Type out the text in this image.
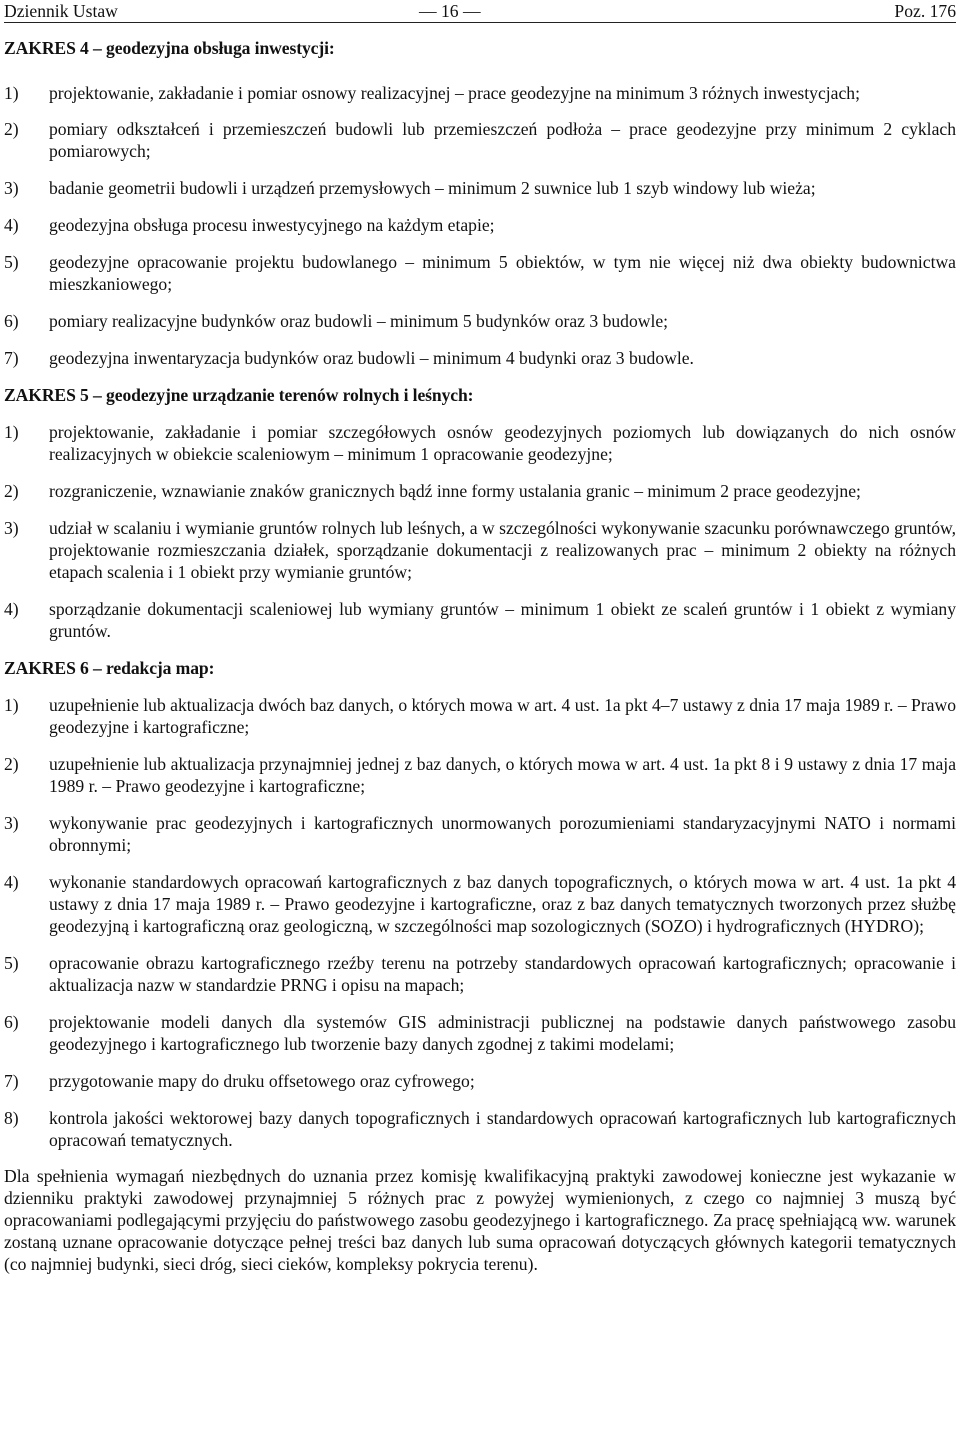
Dziennik Ustaw	— 16 —	Poz. 176

ZAKRES 4 – geodezyjna obsługa inwestycji:

1) projektowanie, zakładanie i pomiar osnowy realizacyjnej – prace geodezyjne na minimum 3 różnych inwestycjach;
2) pomiary odkształceń i przemieszczeń budowli lub przemieszczeń podłoża – prace geodezyjne przy minimum 2 cyklach pomiarowych;
3) badanie geometrii budowli i urządzeń przemysłowych – minimum 2 suwnice lub 1 szyb windowy lub wieża;
4) geodezyjna obsługa procesu inwestycyjnego na każdym etapie;
5) geodezyjne opracowanie projektu budowlanego – minimum 5 obiektów, w tym nie więcej niż dwa obiekty budownictwa mieszkaniowego;
6) pomiary realizacyjne budynków oraz budowli – minimum 5 budynków oraz 3 budowle;
7) geodezyjna inwentaryzacja budynków oraz budowli – minimum 4 budynki oraz 3 budowle.

ZAKRES 5 – geodezyjne urządzanie terenów rolnych i leśnych:

1) projektowanie, zakładanie i pomiar szczegółowych osnów geodezyjnych poziomych lub dowiązanych do nich osnów realizacyjnych w obiekcie scaleniowym – minimum 1 opracowanie geodezyjne;
2) rozgraniczenie, wznawianie znaków granicznych bądź inne formy ustalania granic – minimum 2 prace geodezyjne;
3) udział w scalaniu i wymianie gruntów rolnych lub leśnych, a w szczególności wykonywanie szacunku porównawczego gruntów, projektowanie rozmieszczania działek, sporządzanie dokumentacji z realizowanych prac – minimum 2 obiekty na różnych etapach scalenia i 1 obiekt przy wymianie gruntów;
4) sporządzanie dokumentacji scaleniowej lub wymiany gruntów – minimum 1 obiekt ze scaleń gruntów i 1 obiekt z wymiany gruntów.

ZAKRES 6 – redakcja map:

1) uzupełnienie lub aktualizacja dwóch baz danych, o których mowa w art. 4 ust. 1a pkt 4–7 ustawy z dnia 17 maja 1989 r. – Prawo geodezyjne i kartograficzne;
2) uzupełnienie lub aktualizacja przynajmniej jednej z baz danych, o których mowa w art. 4 ust. 1a pkt 8 i 9 ustawy z dnia 17 maja 1989 r. – Prawo geodezyjne i kartograficzne;
3) wykonywanie prac geodezyjnych i kartograficznych unormowanych porozumieniami standaryzacyjnymi NATO i normami obronnymi;
4) wykonanie standardowych opracowań kartograficznych z baz danych topograficznych, o których mowa w art. 4 ust. 1a pkt 4 ustawy z dnia 17 maja 1989 r. – Prawo geodezyjne i kartograficzne, oraz z baz danych tematycznych tworzonych przez służbę geodezyjną i kartograficzną oraz geologiczną, w szczególności map sozologicznych (SOZO) i hydrograficznych (HYDRO);
5) opracowanie obrazu kartograficznego rzeźby terenu na potrzeby standardowych opracowań kartograficznych; opracowanie i aktualizacja nazw w standardzie PRNG i opisu na mapach;
6) projektowanie modeli danych dla systemów GIS administracji publicznej na podstawie danych państwowego zasobu geodezyjnego i kartograficznego lub tworzenie bazy danych zgodnej z takimi modelami;
7) przygotowanie mapy do druku offsetowego oraz cyfrowego;
8) kontrola jakości wektorowej bazy danych topograficznych i standardowych opracowań kartograficznych lub kartograficznych opracowań tematycznych.

Dla spełnienia wymagań niezbędnych do uznania przez komisję kwalifikacyjną praktyki zawodowej konieczne jest wykazanie w dzienniku praktyki zawodowej przynajmniej 5 różnych prac z powyżej wymienionych, z czego co najmniej 3 muszą być opracowaniami podlegającymi przyjęciu do państwowego zasobu geodezyjnego i kartograficznego. Za pracę spełniającą ww. warunek zostaną uznane opracowanie dotyczące pełnej treści baz danych lub suma opracowań dotyczących głównych kategorii tematycznych (co najmniej budynki, sieci dróg, sieci cieków, kompleksy pokrycia terenu).
